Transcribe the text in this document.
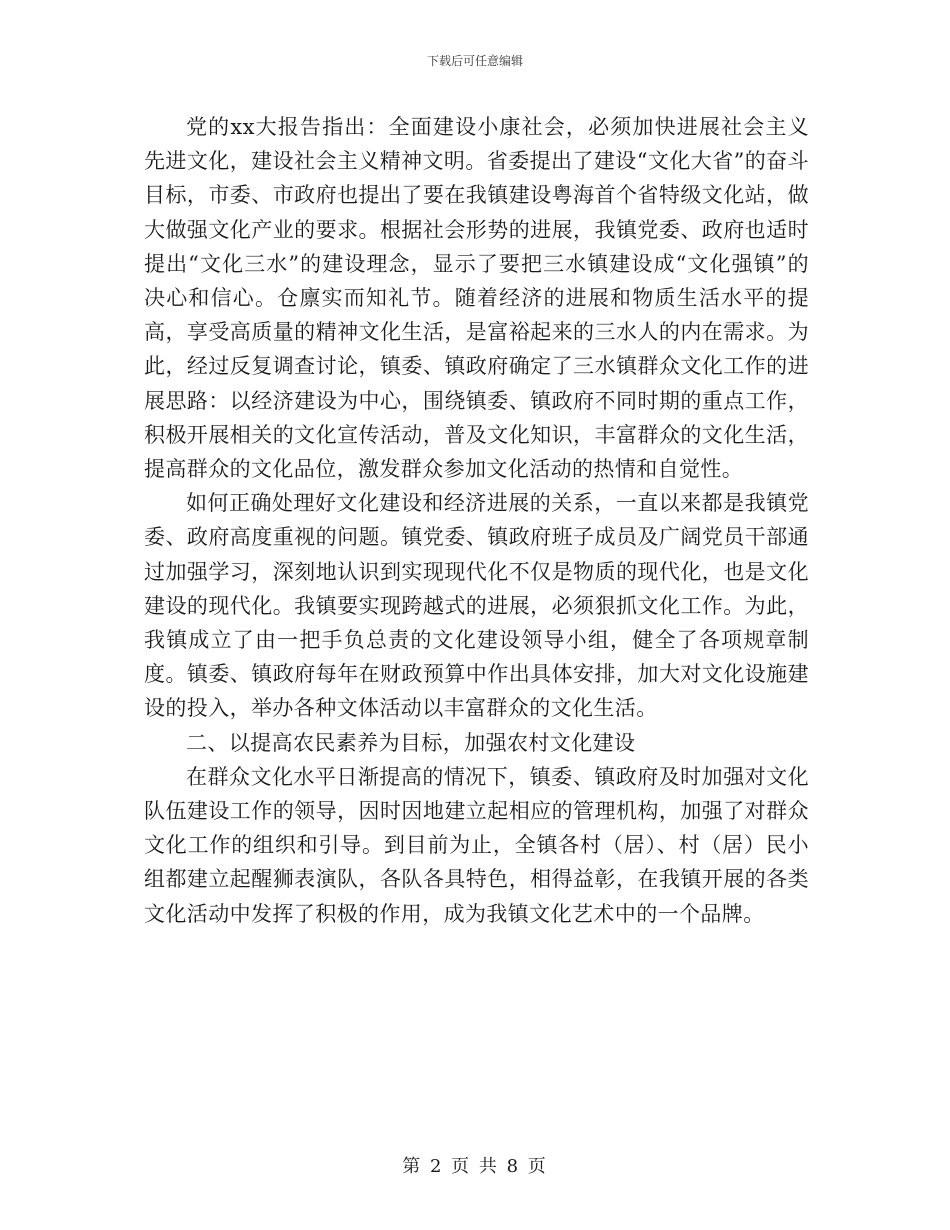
下载后可任意编辑

党的xx大报告指出：全面建设小康社会，必须加快进展社会主义先进文化，建设社会主义精神文明。省委提出了建设“文化大省”的奋斗目标，市委、市政府也提出了要在我镇建设粤海首个省特级文化站，做大做强文化产业的要求。根据社会形势的进展，我镇党委、政府也适时提出“文化三水”的建设理念，显示了要把三水镇建设成“文化强镇”的决心和信心。仓廪实而知礼节。随着经济的进展和物质生活水平的提高，享受高质量的精神文化生活，是富裕起来的三水人的内在需求。为此，经过反复调查讨论，镇委、镇政府确定了三水镇群众文化工作的进展思路：以经济建设为中心，围绕镇委、镇政府不同时期的重点工作，积极开展相关的文化宣传活动，普及文化知识，丰富群众的文化生活，提高群众的文化品位，激发群众参加文化活动的热情和自觉性。

如何正确处理好文化建设和经济进展的关系，一直以来都是我镇党委、政府高度重视的问题。镇党委、镇政府班子成员及广阔党员干部通过加强学习，深刻地认识到实现现代化不仅是物质的现代化，也是文化建设的现代化。我镇要实现跨越式的进展，必须狠抓文化工作。为此，我镇成立了由一把手负总责的文化建设领导小组，健全了各项规章制度。镇委、镇政府每年在财政预算中作出具体安排，加大对文化设施建设的投入，举办各种文体活动以丰富群众的文化生活。

二、以提高农民素养为目标，加强农村文化建设

在群众文化水平日渐提高的情况下，镇委、镇政府及时加强对文化队伍建设工作的领导，因时因地建立起相应的管理机构，加强了对群众文化工作的组织和引导。到目前为止，全镇各村（居）、村（居）民小组都建立起醒狮表演队，各队各具特色，相得益彰，在我镇开展的各类文化活动中发挥了积极的作用，成为我镇文化艺术中的一个品牌。

第 2 页 共 8 页
